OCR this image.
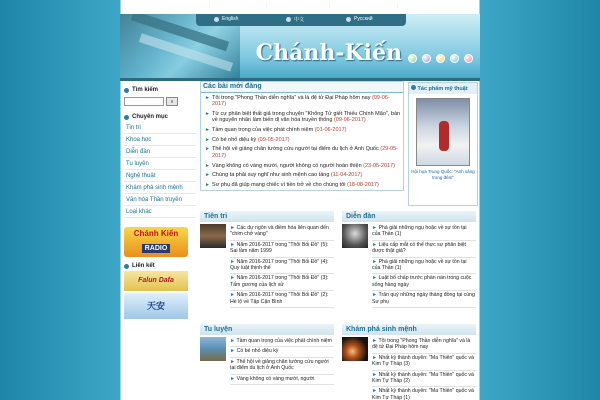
Trang chủ	| Tin tri	|	Tu luyện	|	Nghệ thuật	|	Diễn đàn
English	中文	Русский
Chánh-Kiến
Tìm kiếm
»
Chuyên mục
Tin tri
Khoa học
Diễn đàn
Tu luyện
Nghệ thuật
Khám phá sinh mệnh
Văn hóa Thần truyền
Loại khác
Chánh Kiến
RADIO
Liên kết
Falun Dafa
天安
Các bài mới đăng
► Tôi trong "Phong Thần diễn nghĩa" và là đệ tử Đại Pháp hôm nay (09-06-2017)
► Từ cự phân biệt thất giả trong chuyện "Khổng Tử giết Thiếu Chính Mão", bàn về nguyên nhân làm biến dị văn hóa truyền thống (09-06-2017)
► Tầm quan trọng của việc phát chính niệm (01-06-2017)
► Có bé nhỏ diệu kỳ (09-05-2017)
► Thế hội về giảng chân tướng cứu người tại điểm du lịch ở Anh Quốc (29-05-2017)
► Vàng không có vàng mười, người không có người hoàn thiện (23-05-2017)
► Chúng ta phải suy nghĩ như sinh mệnh cao tầng (11-04-2017)
► Sư phụ đã giúp mang chiếc ví tiền trở về cho chúng tôi (18-08-2017)
Tác phẩm mỹ thuật
Hội họa Trung Quốc: "Anh sáng trong đêm"
Tiên tri
► Các dự ngôn và điềm hóa liên quan đến "chim chở vàng"
► Năm 2016-2017 trong "Thôi Bối Đồ" (5): Sai lầm năm 1999
► Năm 2016-2017 trong "Thôi Bối Đồ" (4): Quy luật thịnh thế
► Năm 2016-2017 trong "Thôi Bối Đồ" (3): Tấm gương của lịch sử
► Năm 2016-2017 trong "Thôi Bối Đồ" (2): Hé lộ về Tập Cận Bình
Diễn đàn
► Phá giải những ngụ hoặc về sự tồn tại của Thần (1)
► Liệu cấp mắt có thể thực sự phân biệt được thật giả?
► Phá giải những ngụ hoặc về sự tồn tại của Thần (1)
► Luật bố chấp trước phàn nàn trong cuộc sống hàng ngày
► Trân quý những ngày tháng đồng tại cùng Sư phụ
Tu luyện
► Tầm quan trọng của việc phát chính niệm
► Có bé nhỏ diệu kỳ
► Thế hội về giảng chân tướng cứu người tại điểm du lịch ở Anh Quốc
► Vàng không có vàng mười, người
Khám phá sinh mệnh
► Tôi trong "Phong Thần diễn nghĩa" và là đệ tử Đại Pháp hôm nay
► Nhất kỳ thành duyên: "Ma Thiên" quốc và Kim Tự Tháp (3)
► Nhất kỳ thành duyên: "Ma Thiên" quốc và Kim Tự Tháp (2)
► Nhất kỳ thành duyên: "Ma Thiên" quốc và Kim Tự Tháp (1)
